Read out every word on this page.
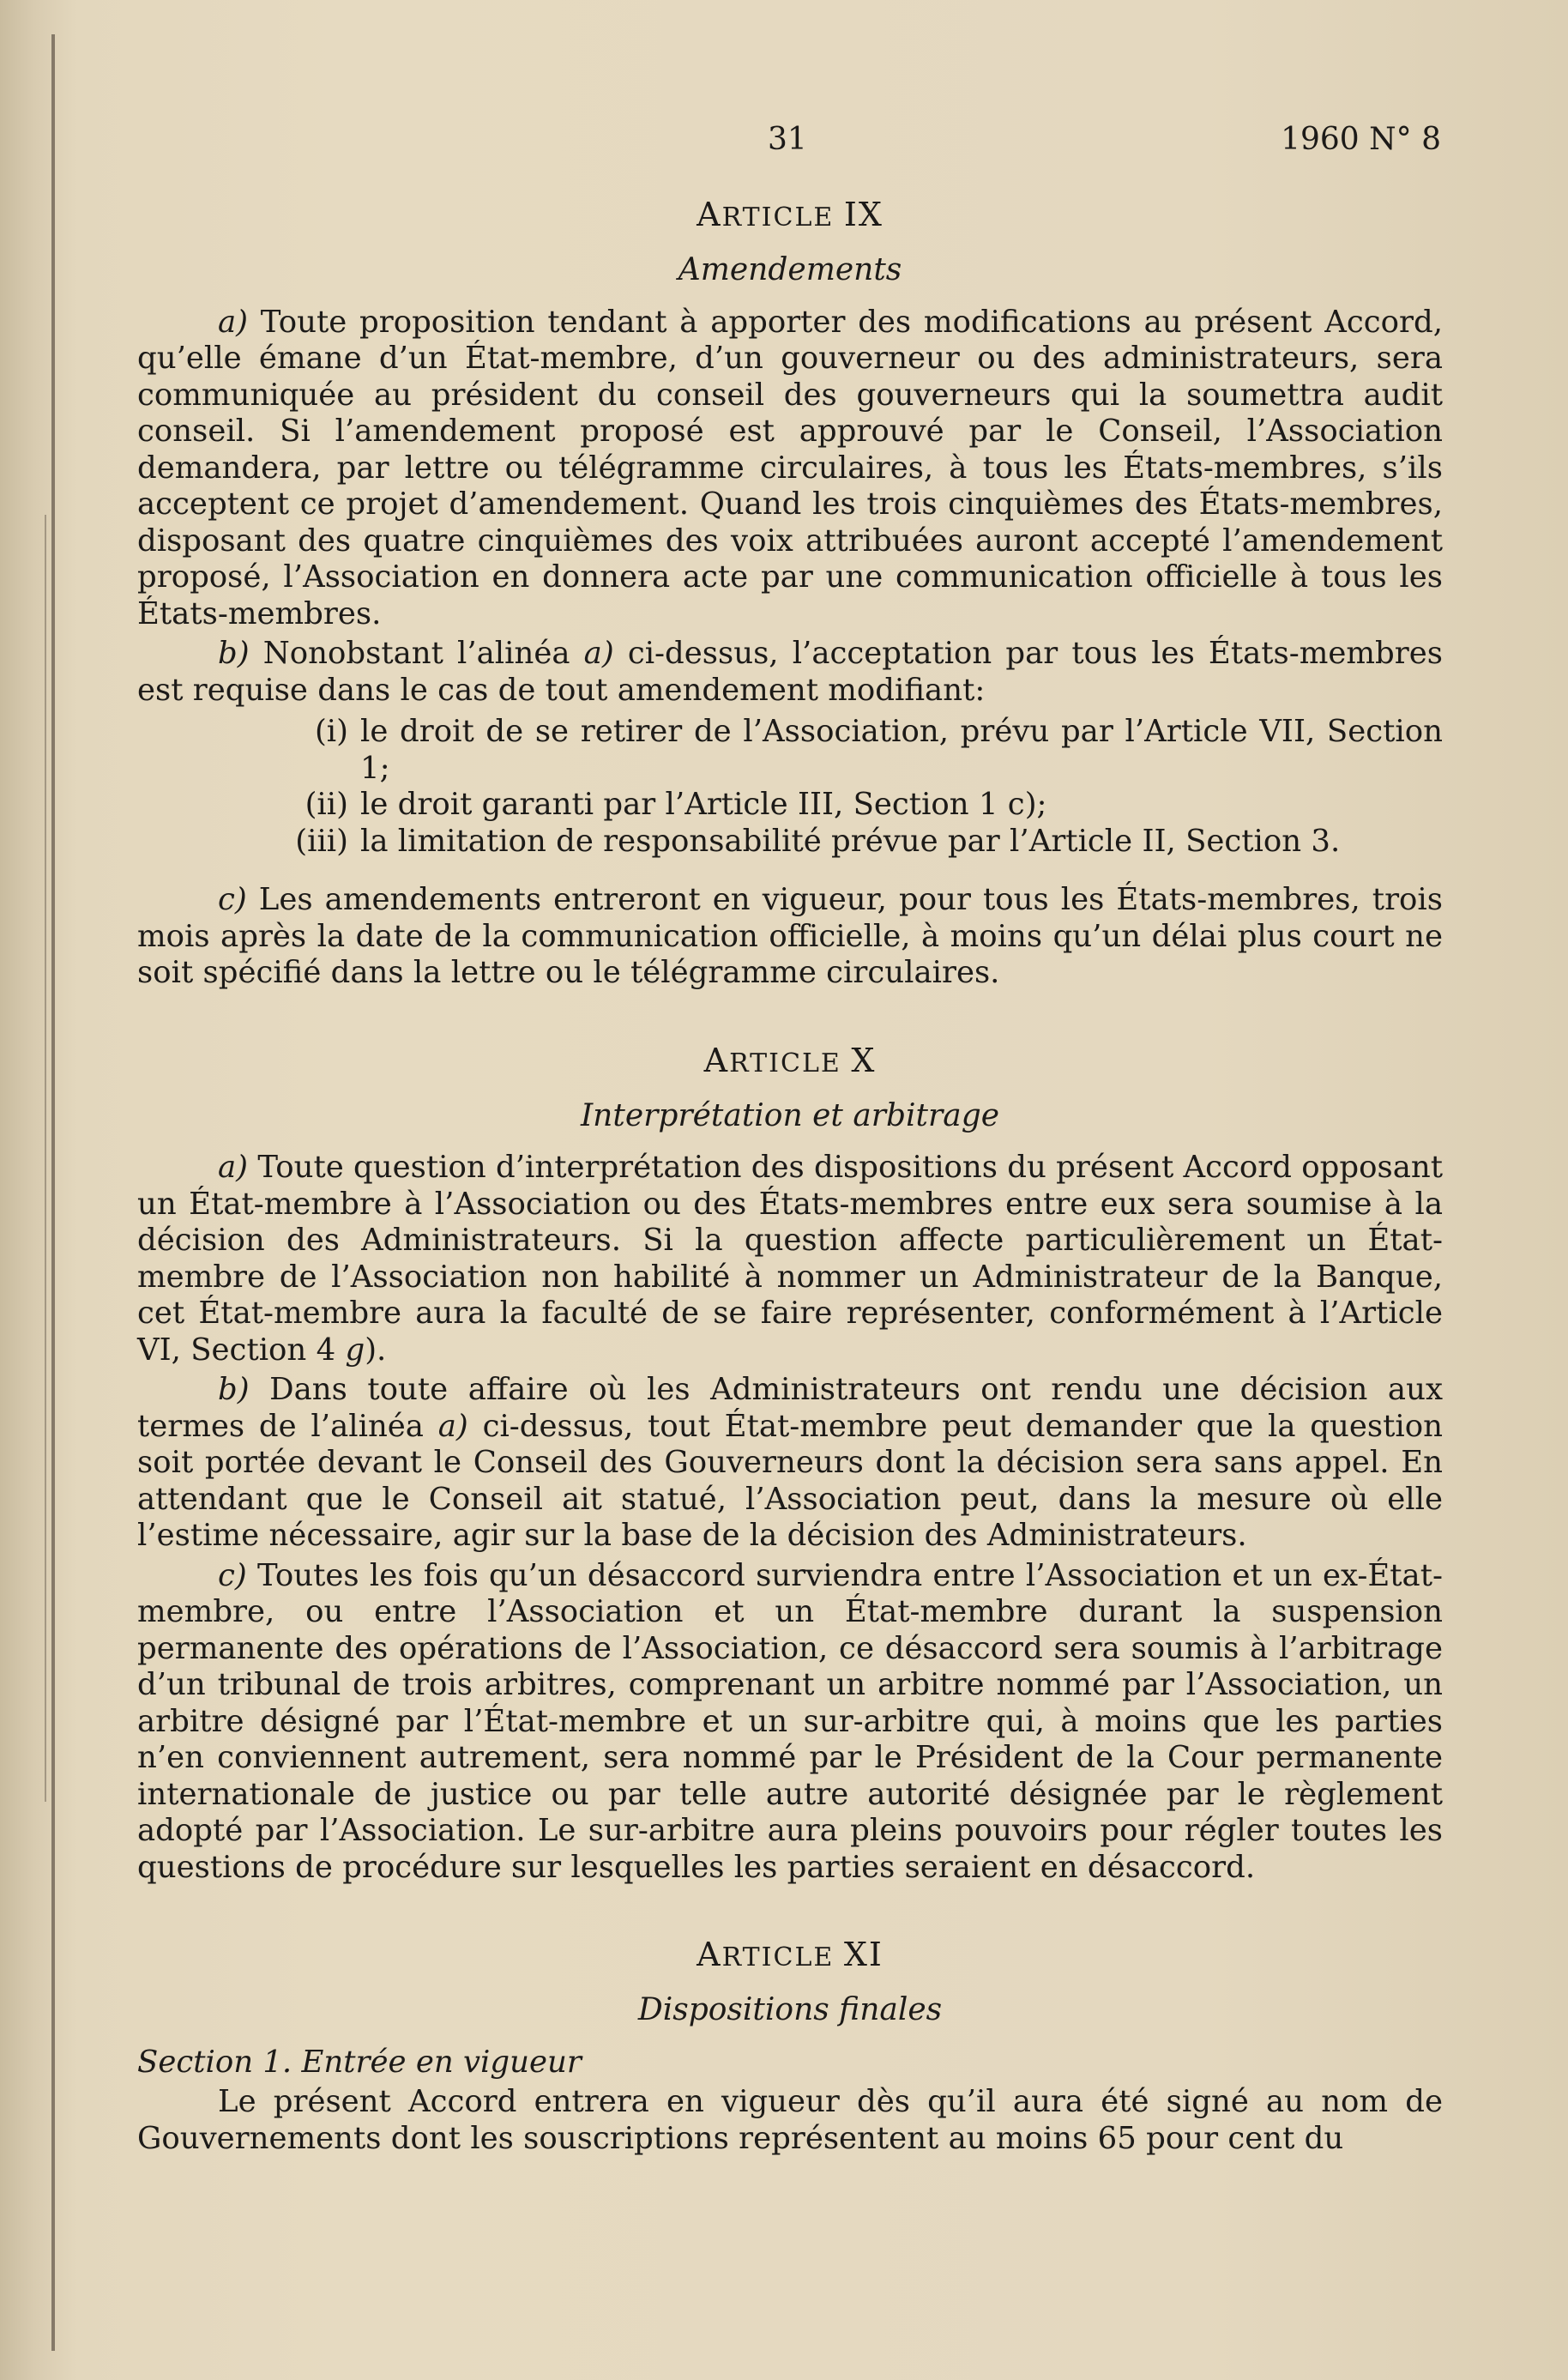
31	1960 N° 8
ARTICLE IX
Amendements

a) Toute proposition tendant à apporter des modifications au présent Accord, qu’elle émane d’un État-membre, d’un gouverneur ou des administrateurs, sera communiquée au président du conseil des gouverneurs qui la soumettra audit conseil. Si l’amendement proposé est approuvé par le Conseil, l’Association demandera, par lettre ou télégramme circulaires, à tous les États-membres, s’ils acceptent ce projet d’amendement. Quand les trois cinquièmes des États-membres, disposant des quatre cinquièmes des voix attribuées auront accepté l’amendement proposé, l’Association en donnera acte par une communication officielle à tous les États-membres.

b) Nonobstant l’alinéa a) ci-dessus, l’acceptation par tous les États-membres est requise dans le cas de tout amendement modifiant:

(i) le droit de se retirer de l’Association, prévu par l’Article VII, Section 1;
(ii) le droit garanti par l’Article III, Section 1 c);
(iii) la limitation de responsabilité prévue par l’Article II, Section 3.

c) Les amendements entreront en vigueur, pour tous les États-membres, trois mois après la date de la communication officielle, à moins qu’un délai plus court ne soit spécifié dans la lettre ou le télégramme circulaires.

ARTICLE X
Interprétation et arbitrage

a) Toute question d’interprétation des dispositions du présent Accord opposant un État-membre à l’Association ou des États-membres entre eux sera soumise à la décision des Administrateurs. Si la question affecte particulièrement un État-membre de l’Association non habilité à nommer un Administrateur de la Banque, cet État-membre aura la faculté de se faire représenter, conformément à l’Article VI, Section 4 g).

b) Dans toute affaire où les Administrateurs ont rendu une décision aux termes de l’alinéa a) ci-dessus, tout État-membre peut demander que la question soit portée devant le Conseil des Gouverneurs dont la décision sera sans appel. En attendant que le Conseil ait statué, l’Association peut, dans la mesure où elle l’estime nécessaire, agir sur la base de la décision des Administrateurs.

c) Toutes les fois qu’un désaccord surviendra entre l’Association et un ex-État-membre, ou entre l’Association et un État-membre durant la suspension permanente des opérations de l’Association, ce désaccord sera soumis à l’arbitrage d’un tribunal de trois arbitres, comprenant un arbitre nommé par l’Association, un arbitre désigné par l’État-membre et un sur-arbitre qui, à moins que les parties n’en conviennent autrement, sera nommé par le Président de la Cour permanente internationale de justice ou par telle autre autorité désignée par le règlement adopté par l’Association. Le sur-arbitre aura pleins pouvoirs pour régler toutes les questions de procédure sur lesquelles les parties seraient en désaccord.

ARTICLE XI
Dispositions finales
Section 1. Entrée en vigueur

Le présent Accord entrera en vigueur dès qu’il aura été signé au nom de Gouvernements dont les souscriptions représentent au moins 65 pour cent du
